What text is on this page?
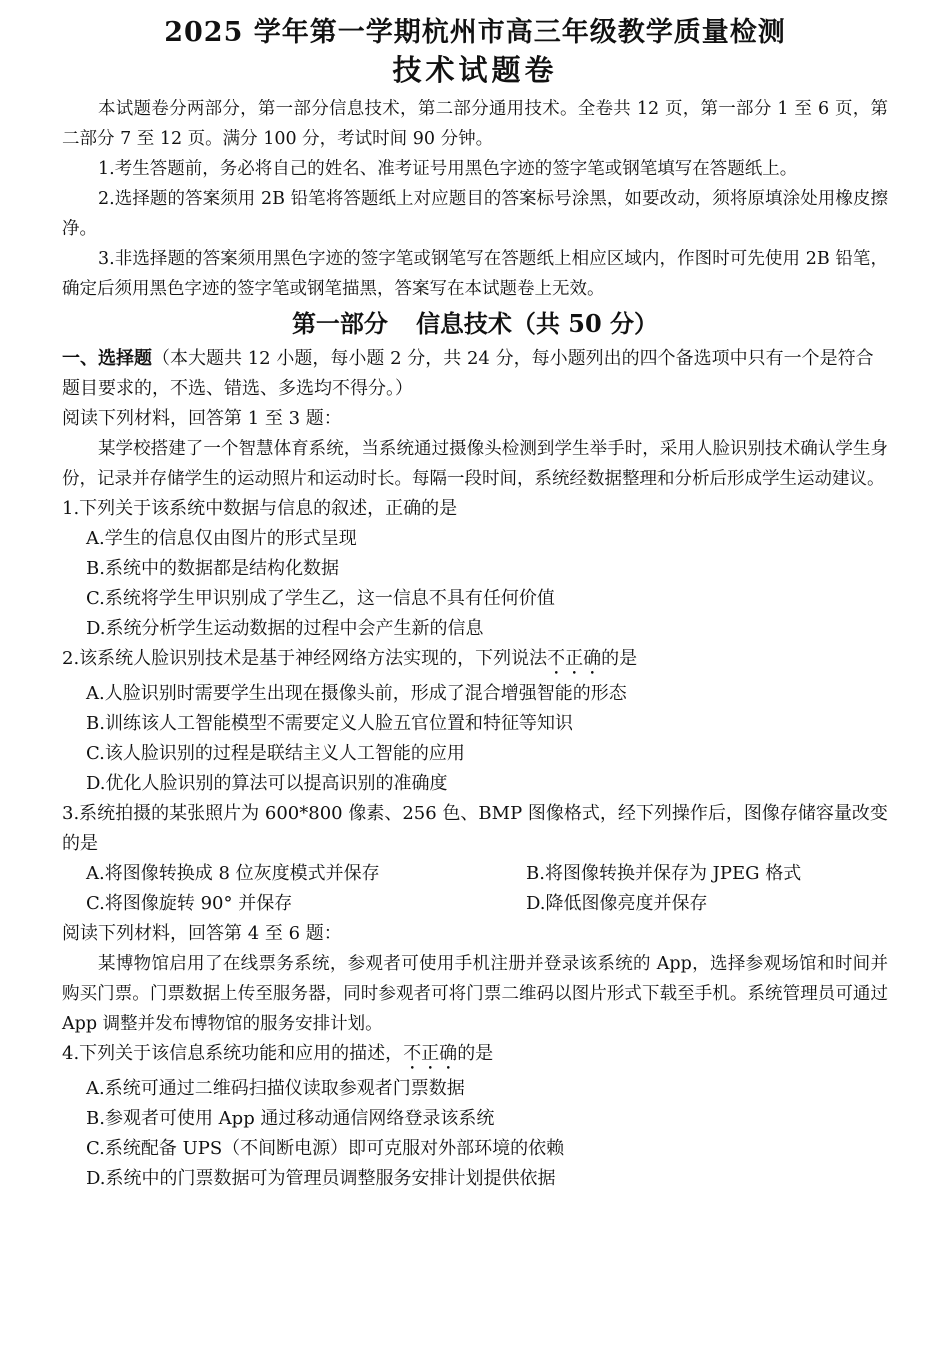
2025 学年第一学期杭州市高三年级教学质量检测
技术试题卷

本试题卷分两部分，第一部分信息技术，第二部分通用技术。全卷共 12 页，第一部分 1 至 6 页，第二部分 7 至 12 页。满分 100 分，考试时间 90 分钟。

1.考生答题前，务必将自己的姓名、准考证号用黑色字迹的签字笔或钢笔填写在答题纸上。

2.选择题的答案须用 2B 铅笔将答题纸上对应题目的答案标号涂黑，如要改动，须将原填涂处用橡皮擦净。

3.非选择题的答案须用黑色字迹的签字笔或钢笔写在答题纸上相应区域内，作图时可先使用 2B 铅笔，确定后须用黑色字迹的签字笔或钢笔描黑，答案写在本试题卷上无效。

第一部分 信息技术（共 50 分）

一、选择题（本大题共 12 小题，每小题 2 分，共 24 分，每小题列出的四个备选项中只有一个是符合题目要求的，不选、错选、多选均不得分。）

阅读下列材料，回答第 1 至 3 题：

某学校搭建了一个智慧体育系统，当系统通过摄像头检测到学生举手时，采用人脸识别技术确认学生身份，记录并存储学生的运动照片和运动时长。每隔一段时间，系统经数据整理和分析后形成学生运动建议。

1.下列关于该系统中数据与信息的叙述，正确的是

A.学生的信息仅由图片的形式呈现

B.系统中的数据都是结构化数据

C.系统将学生甲识别成了学生乙，这一信息不具有任何价值

D.系统分析学生运动数据的过程中会产生新的信息

2.该系统人脸识别技术是基于神经网络方法实现的，下列说法不正确的是

A.人脸识别时需要学生出现在摄像头前，形成了混合增强智能的形态

B.训练该人工智能模型不需要定义人脸五官位置和特征等知识

C.该人脸识别的过程是联结主义人工智能的应用

D.优化人脸识别的算法可以提高识别的准确度

3.系统拍摄的某张照片为 600*800 像素、256 色、BMP 图像格式，经下列操作后，图像存储容量改变的是

A.将图像转换成 8 位灰度模式并保存	B.将图像转换并保存为 JPEG 格式
C.将图像旋转 90° 并保存	D.降低图像亮度并保存

阅读下列材料，回答第 4 至 6 题：

某博物馆启用了在线票务系统，参观者可使用手机注册并登录该系统的 App，选择参观场馆和时间并购买门票。门票数据上传至服务器，同时参观者可将门票二维码以图片形式下载至手机。系统管理员可通过 App 调整并发布博物馆的服务安排计划。

4.下列关于该信息系统功能和应用的描述，不正确的是

A.系统可通过二维码扫描仪读取参观者门票数据

B.参观者可使用 App 通过移动通信网络登录该系统

C.系统配备 UPS（不间断电源）即可克服对外部环境的依赖

D.系统中的门票数据可为管理员调整服务安排计划提供依据
